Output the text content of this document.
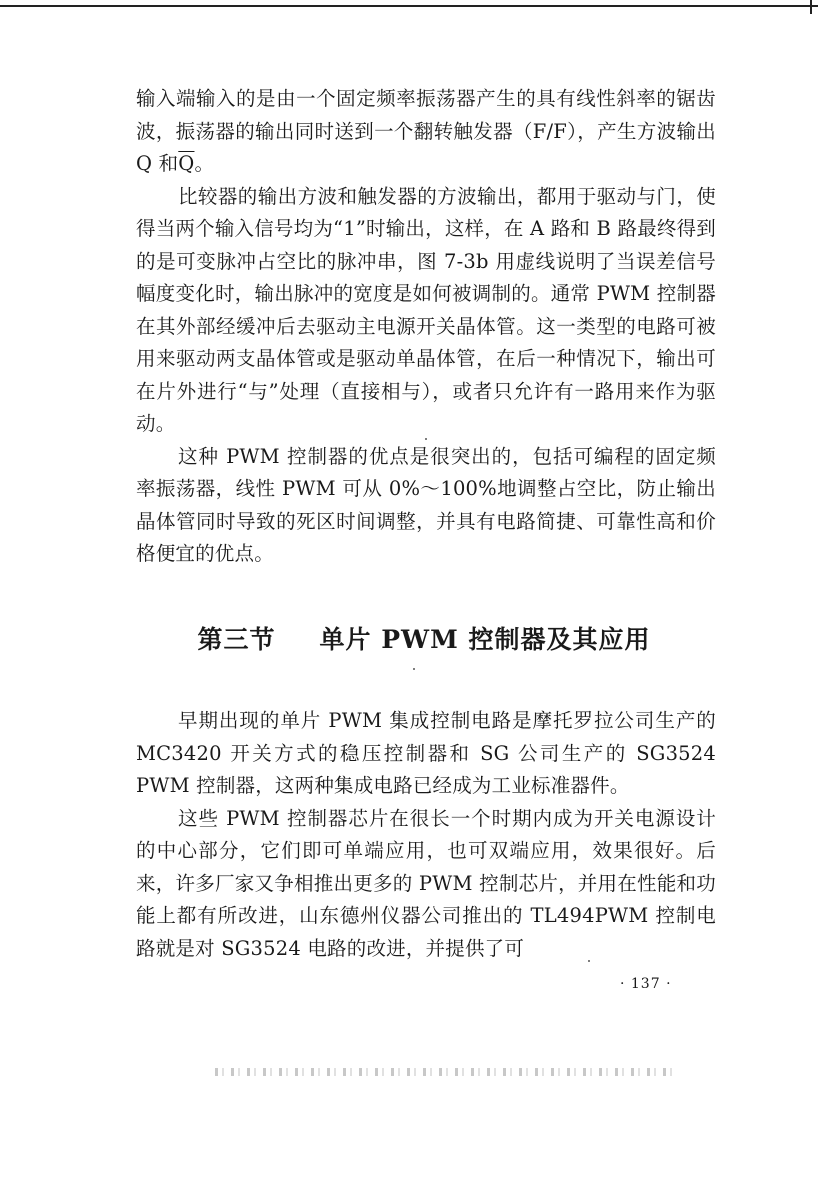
输入端输入的是由一个固定频率振荡器产生的具有线性斜率的锯齿波，振荡器的输出同时送到一个翻转触发器（F/F），产生方波输出 Q 和$\overline{Q}$。

比较器的输出方波和触发器的方波输出，都用于驱动与门，使得当两个输入信号均为“1”时输出，这样，在 A 路和 B 路最终得到的是可变脉冲占空比的脉冲串，图 7-3b 用虚线说明了当误差信号幅度变化时，输出脉冲的宽度是如何被调制的。通常 PWM 控制器在其外部经缓冲后去驱动主电源开关晶体管。这一类型的电路可被用来驱动两支晶体管或是驱动单晶体管，在后一种情况下，输出可在片外进行“与”处理（直接相与），或者只允许有一路用来作为驱动。

这种 PWM 控制器的优点是很突出的，包括可编程的固定频率振荡器，线性 PWM 可从 0%～100%地调整占空比，防止输出晶体管同时导致的死区时间调整，并具有电路简捷、可靠性高和价格便宜的优点。

第三节 单片 PWM 控制器及其应用

早期出现的单片 PWM 集成控制电路是摩托罗拉公司生产的 MC3420 开关方式的稳压控制器和 SG 公司生产的 SG3524 PWM 控制器，这两种集成电路已经成为工业标准器件。

这些 PWM 控制器芯片在很长一个时期内成为开关电源设计的中心部分，它们即可单端应用，也可双端应用，效果很好。后来，许多厂家又争相推出更多的 PWM 控制芯片，并用在性能和功能上都有所改进，山东德州仪器公司推出的 TL494PWM 控制电路就是对 SG3524 电路的改进，并提供了可

· 137 ·
